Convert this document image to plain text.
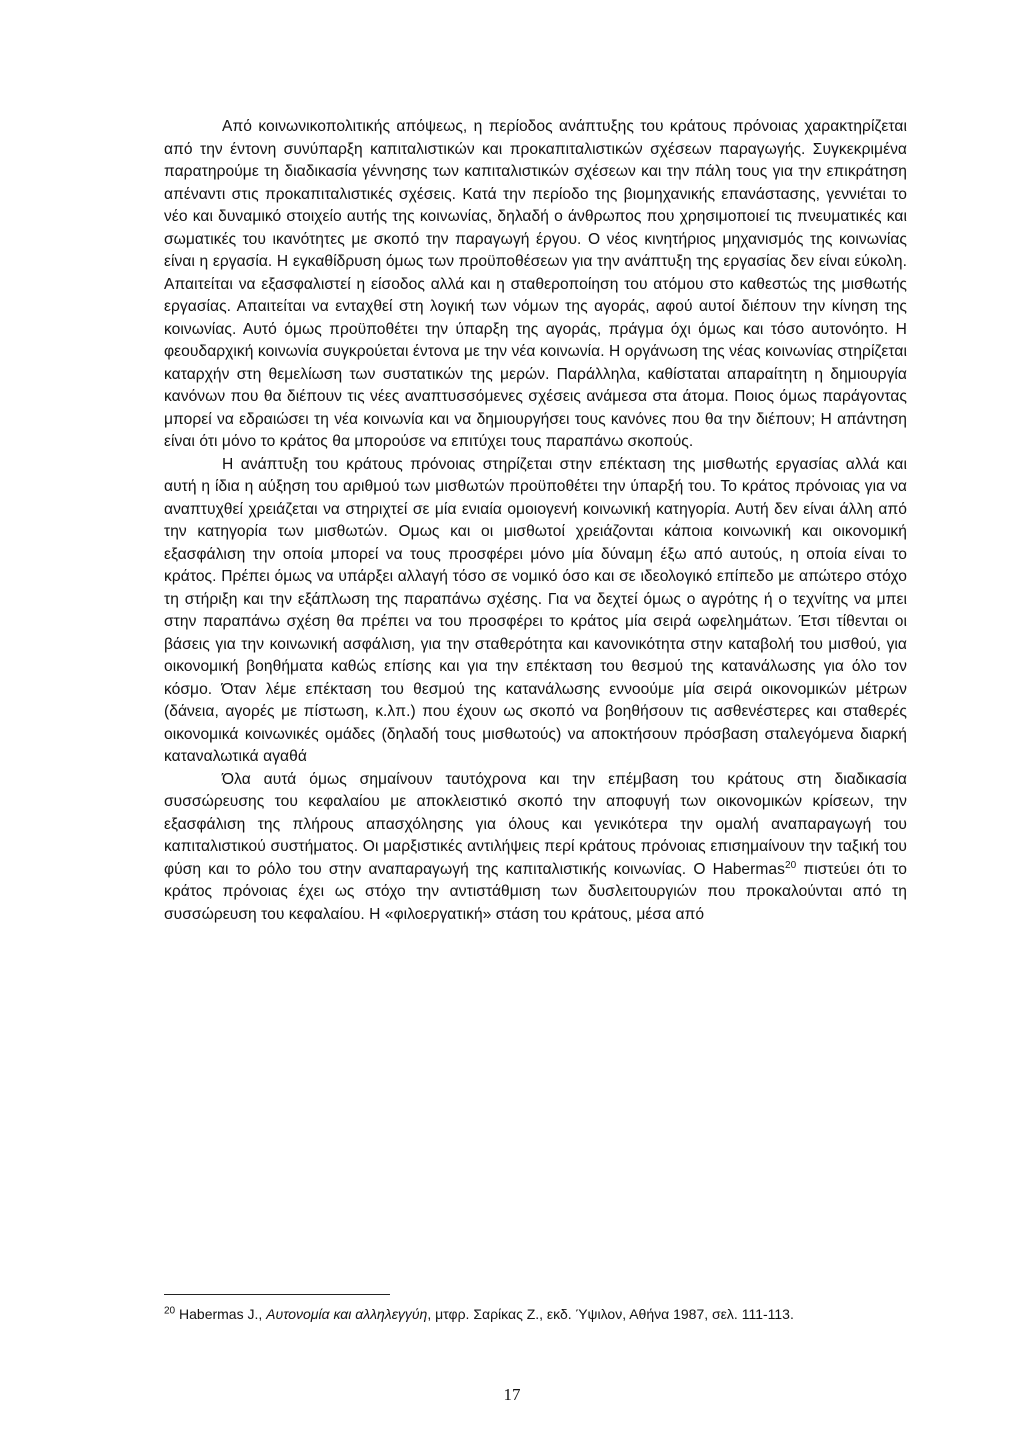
Από κοινωνικοπολιτικής απόψεως, η περίοδος ανάπτυξης του κράτους πρόνοιας χαρακτηρίζεται από την έντονη συνύπαρξη καπιταλιστικών και προκαπιταλιστικών σχέσεων παραγωγής. Συγκεκριμένα παρατηρούμε τη διαδικασία γέννησης των καπιταλιστικών σχέσεων και την πάλη τους για την επικράτηση απέναντι στις προκαπιταλιστικές σχέσεις. Κατά την περίοδο της βιομηχανικής επανάστασης, γεννιέται το νέο και δυναμικό στοιχείο αυτής της κοινωνίας, δηλαδή ο άνθρωπος που χρησιμοποιεί τις πνευματικές και σωματικές του ικανότητες με σκοπό την παραγωγή έργου. Ο νέος κινητήριος μηχανισμός της κοινωνίας είναι η εργασία. Η εγκαθίδρυση όμως των προϋποθέσεων για την ανάπτυξη της εργασίας δεν είναι εύκολη. Απαιτείται να εξασφαλιστεί η είσοδος αλλά και η σταθεροποίηση του ατόμου στο καθεστώς της μισθωτής εργασίας. Απαιτείται να ενταχθεί στη λογική των νόμων της αγοράς, αφού αυτοί διέπουν την κίνηση της κοινωνίας. Αυτό όμως προϋποθέτει την ύπαρξη της αγοράς, πράγμα όχι όμως και τόσο αυτονόητο. Η φεουδαρχική κοινωνία συγκρούεται έντονα με την νέα κοινωνία. Η οργάνωση της νέας κοινωνίας στηρίζεται καταρχήν στη θεμελίωση των συστατικών της μερών. Παράλληλα, καθίσταται απαραίτητη η δημιουργία κανόνων που θα διέπουν τις νέες αναπτυσσόμενες σχέσεις ανάμεσα στα άτομα. Ποιος όμως παράγοντας μπορεί να εδραιώσει τη νέα κοινωνία και να δημιουργήσει τους κανόνες που θα την διέπουν; Η απάντηση είναι ότι μόνο το κράτος θα μπορούσε να επιτύχει τους παραπάνω σκοπούς.

Η ανάπτυξη του κράτους πρόνοιας στηρίζεται στην επέκταση της μισθωτής εργασίας αλλά και αυτή η ίδια η αύξηση του αριθμού των μισθωτών προϋποθέτει την ύπαρξή του. Το κράτος πρόνοιας για να αναπτυχθεί χρειάζεται να στηριχτεί σε μία ενιαία ομοιογενή κοινωνική κατηγορία. Αυτή δεν είναι άλλη από την κατηγορία των μισθωτών. Ομως και οι μισθωτοί χρειάζονται κάποια κοινωνική και οικονομική εξασφάλιση την οποία μπορεί να τους προσφέρει μόνο μία δύναμη έξω από αυτούς, η οποία είναι το κράτος. Πρέπει όμως να υπάρξει αλλαγή τόσο σε νομικό όσο και σε ιδεολογικό επίπεδο με απώτερο στόχο τη στήριξη και την εξάπλωση της παραπάνω σχέσης. Για να δεχτεί όμως ο αγρότης ή ο τεχνίτης να μπει στην παραπάνω σχέση θα πρέπει να του προσφέρει το κράτος μία σειρά ωφελημάτων. Έτσι τίθενται οι βάσεις για την κοινωνική ασφάλιση, για την σταθερότητα και κανονικότητα στην καταβολή του μισθού, για οικονομική βοηθήματα καθώς επίσης και για την επέκταση του θεσμού της κατανάλωσης για όλο τον κόσμο. Όταν λέμε επέκταση του θεσμού της κατανάλωσης εννοούμε μία σειρά οικονομικών μέτρων (δάνεια, αγορές με πίστωση, κ.λπ.) που έχουν ως σκοπό να βοηθήσουν τις ασθενέστερες και σταθερές οικονομικά κοινωνικές ομάδες (δηλαδή τους μισθωτούς) να αποκτήσουν πρόσβαση σταλεγόμενα διαρκή καταναλωτικά αγαθά

Όλα αυτά όμως σημαίνουν ταυτόχρονα και την επέμβαση του κράτους στη διαδικασία συσσώρευσης του κεφαλαίου με αποκλειστικό σκοπό την αποφυγή των οικονομικών κρίσεων, την εξασφάλιση της πλήρους απασχόλησης για όλους και γενικότερα την ομαλή αναπαραγωγή του καπιταλιστικού συστήματος. Οι μαρξιστικές αντιλήψεις περί κράτους πρόνοιας επισημαίνουν την ταξική του φύση και το ρόλο του στην αναπαραγωγή της καπιταλιστικής κοινωνίας. Ο Habermas$^{20}$ πιστεύει ότι το κράτος πρόνοιας έχει ως στόχο την αντιστάθμιση των δυσλειτουργιών που προκαλούνται από τη συσσώρευση του κεφαλαίου. Η «φιλοεργατική» στάση του κράτους, μέσα από

$^{20}$ Habermas J., Αυτονομία και αλληλεγγύη, μτφρ. Σαρίκας Ζ., εκδ. Ύψιλον, Αθήνα 1987, σελ. 111-113.
17
